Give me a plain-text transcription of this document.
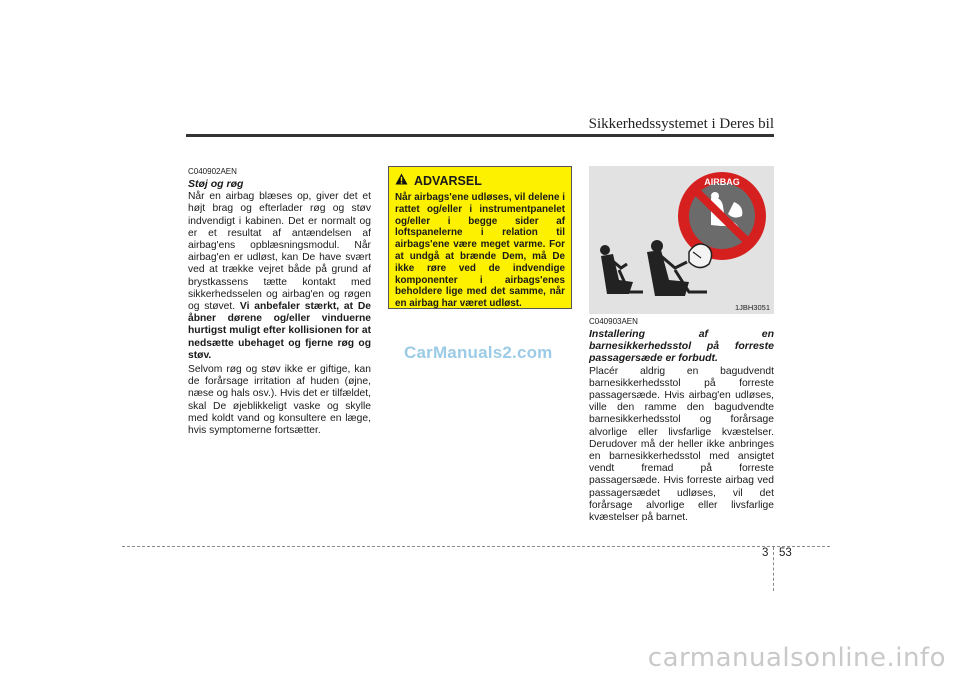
Sikkerhedssystemet i Deres bil
C040902AEN
Støj og røg

Når en airbag blæses op, giver det et højt brag og efterlader røg og støv indvendigt i kabinen. Det er normalt og er et resultat af antændelsen af airbag'ens opblæsningsmodul. Når airbag'en er udløst, kan De have svært ved at trække vejret både på grund af brystkassens tætte kontakt med sikkerhedsselen og airbag'en og røgen og støvet. Vi anbefaler stærkt, at De åbner dørene og/eller vinduerne hurtigst muligt efter kollisionen for at nedsætte ubehaget og fjerne røg og støv.

Selvom røg og støv ikke er giftige, kan de forårsage irritation af huden (øjne, næse og hals osv.). Hvis det er tilfældet, skal De øjeblikkeligt vaske og skylle med koldt vand og konsultere en læge, hvis symptomerne fortsætter.

ADVARSEL
Når airbags'ene udløses, vil delene i rattet og/eller i instrumentpanelet og/eller i begge sider af loftspanelerne i relation til airbags'ene være meget varme. For at undgå at brænde Dem, må De ikke røre ved de indvendige komponenter i airbags'enes beholdere lige med det samme, når en airbag har været udløst.
AIRBAG
1JBH3051
C040903AEN
Installering af en barnesikkerhedsstol på forreste passagersæde er forbudt.

Placér aldrig en bagudvendt barnesikkerhedsstol på forreste passagersæde. Hvis airbag'en udløses, ville den ramme den bagudvendte barnesikkerhedsstol og forårsage alvorlige eller livsfarlige kvæstelser. Derudover må der heller ikke anbringes en barnesikkerhedsstol med ansigtet vendt fremad på forreste passagersæde. Hvis forreste airbag ved passagersædet udløses, vil det forårsage alvorlige eller livsfarlige kvæstelser på barnet.

CarManuals2.com
3 53
carmanualsonline.info
